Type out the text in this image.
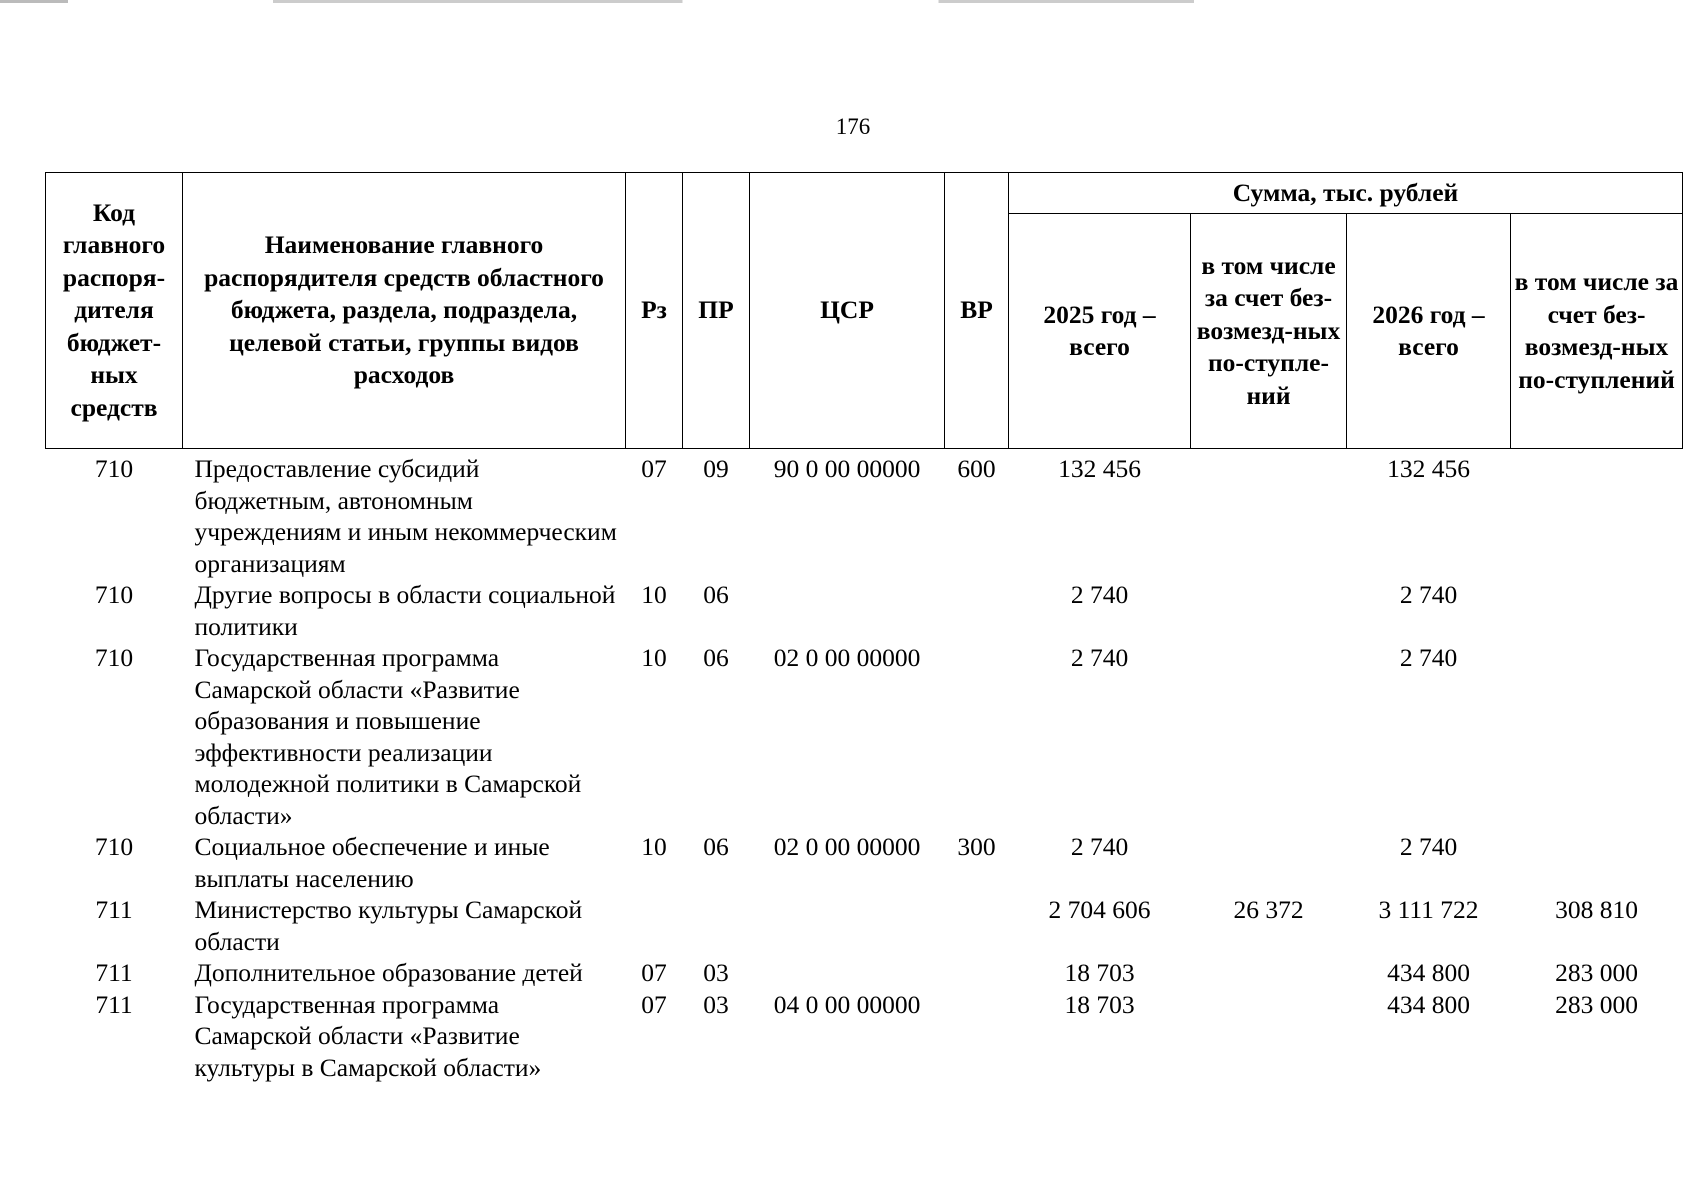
176
Код главного распоря-дителя бюджет-ных средств	Наименование главного распорядителя средств областного бюджета, раздела, подраздела, целевой статьи, группы видов расходов	Рз	ПР	ЦСР	ВР	Сумма, тыс. рублей			
						2025 год – всего	в том числе за счет без-возмезд-ных по-ступле-ний	2026 год – всего	в том числе за счет без-возмезд-ных по-ступлений
710	Предоставление субсидий бюджетным, автономным учреждениям и иным некоммерческим организациям	07	09	90 0 00 00000	600	132 456		132 456	
710	Другие вопросы в области социальной политики	10	06			2 740		2 740	
710	Государственная программа Самарской области «Развитие образования и повышение эффективности реализации молодежной политики в Самарской области»	10	06	02 0 00 00000		2 740		2 740	
710	Социальное обеспечение и иные выплаты населению	10	06	02 0 00 00000	300	2 740		2 740	
711	Министерство культуры Самарской области					2 704 606	26 372	3 111 722	308 810
711	Дополнительное образование детей	07	03			18 703		434 800	283 000
711	Государственная программа Самарской области «Развитие культуры в Самарской области»	07	03	04 0 00 00000		18 703		434 800	283 000
